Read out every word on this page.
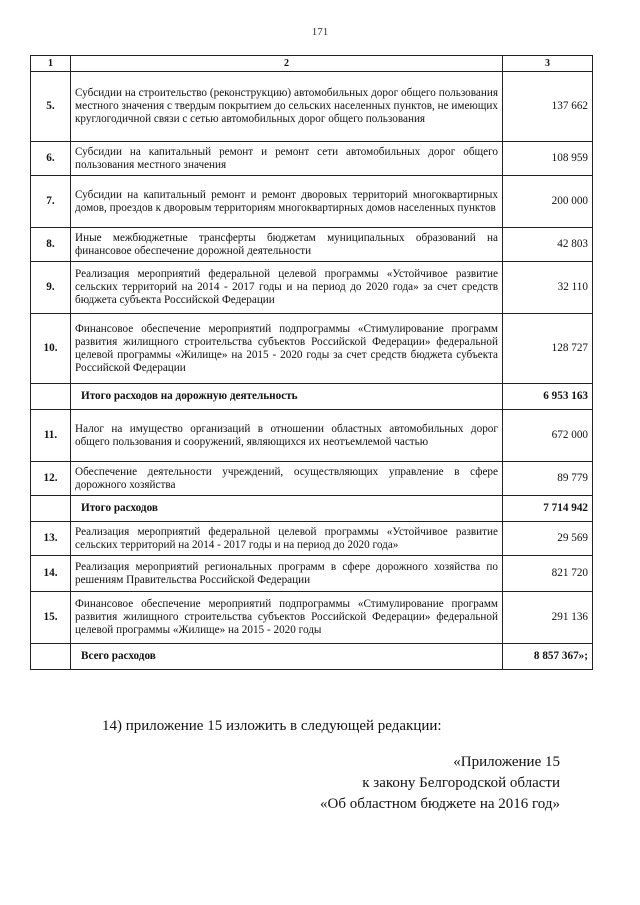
171
1	2	3
5.	Субсидии на строительство (реконструкцию) автомобильных дорог общего пользования местного значения с твердым покрытием до сельских населенных пунктов, не имеющих круглогодичной связи с сетью автомобильных дорог общего пользования	137 662
6.	Субсидии на капитальный ремонт и ремонт сети автомобильных дорог общего пользования местного значения	108 959
7.	Субсидии на капитальный ремонт и ремонт дворовых территорий многоквартирных домов, проездов к дворовым территориям многоквартирных домов населенных пунктов	200 000
8.	Иные межбюджетные трансферты бюджетам муниципальных образований на финансовое обеспечение дорожной деятельности	42 803
9.	Реализация мероприятий федеральной целевой программы «Устойчивое развитие сельских территорий на 2014 - 2017 годы и на период до 2020 года» за счет средств бюджета субъекта Российской Федерации	32 110
10.	Финансовое обеспечение мероприятий подпрограммы «Стимулирование программ развития жилищного строительства субъектов Российской Федерации» федеральной целевой программы «Жилище» на 2015 - 2020 годы за счет средств бюджета субъекта Российской Федерации	128 727
	Итого расходов на дорожную деятельность	6 953 163
11.	Налог на имущество организаций в отношении областных автомобильных дорог общего пользования и сооружений, являющихся их неотъемлемой частью	672 000
12.	Обеспечение деятельности учреждений, осуществляющих управление в сфере дорожного хозяйства	89 779
	Итого расходов	7 714 942
13.	Реализация мероприятий федеральной целевой программы «Устойчивое развитие сельских территорий на 2014 - 2017 годы и на период до 2020 года»	29 569
14.	Реализация мероприятий региональных программ в сфере дорожного хозяйства по решениям Правительства Российской Федерации	821 720
15.	Финансовое обеспечение мероприятий подпрограммы «Стимулирование программ развития жилищного строительства субъектов Российской Федерации» федеральной целевой программы «Жилище» на 2015 - 2020 годы	291 136
	Всего расходов	8 857 367»;
14) приложение 15 изложить в следующей редакции:
«Приложение 15
к закону Белгородской области
«Об областном бюджете на 2016 год»
